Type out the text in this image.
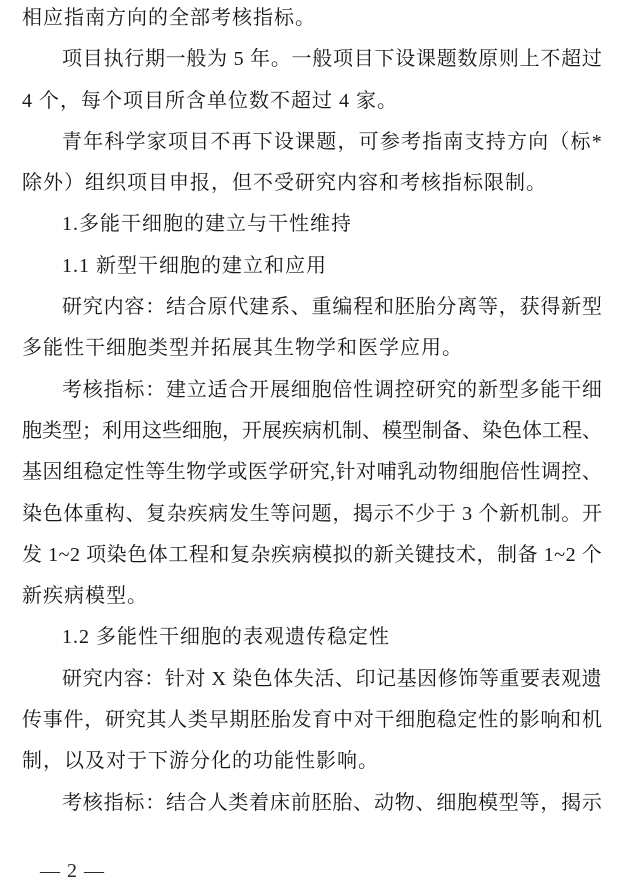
相应指南方向的全部考核指标。
项 目 执 行 期 一 般 为
5
年 。 一 般 项 目 下 设 课 题 数 原 则 上 不 超 过
4 个，每个项目所含单位数不超过 4 家。
青 年 科 学 家 项 目 不 再 下 设 课 题 ， 可 参 考 指 南 支 持 方 向 （ 标 *
除外）组织项目申报，但不受研究内容和考核指标限制。
1.多能干细胞的建立与干性维持
1.1 新型干细胞的建立和应用
研 究 内 容 ： 结 合 原 代 建 系 、 重 编 程 和 胚 胎 分 离 等 ， 获 得 新 型
多能性干细胞类型并拓展其生物学和医学应用。
考 核 指 标 ： 建 立 适 合 开 展 细 胞 倍 性 调 控 研 究 的 新 型 多 能 干 细
胞 类 型 ； 利 用 这 些 细 胞 ， 开 展 疾 病 机 制 、 模 型 制 备 、 染 色 体 工 程 、
基 因 组 稳 定 性 等 生 物 学 或 医 学 研 究 , 针 对 哺 乳 动 物 细 胞 倍 性 调 控 、
染 色 体 重 构 、 复 杂 疾 病 发 生 等 问 题 ， 揭 示 不 少 于
3
个 新 机 制 。 开
发
1 ~ 2
项 染 色 体 工 程 和 复 杂 疾 病 模 拟 的 新 关 键 技 术 ， 制 备
1 ~ 2
个
新疾病模型。
1.2 多能性干细胞的表观遗传稳定性
研 究 内 容 ： 针 对
X
染 色 体 失 活 、 印 记 基 因 修 饰 等 重 要 表 观 遗
传 事 件 ， 研 究 其 人 类 早 期 胚 胎 发 育 中 对 干 细 胞 稳 定 性 的 影 响 和 机
制，以及对于下游分化的功能性影响。
考 核 指 标 ： 结 合 人 类 着 床 前 胚 胎 、 动 物 、 细 胞 模 型 等 ， 揭 示
— 2 —
